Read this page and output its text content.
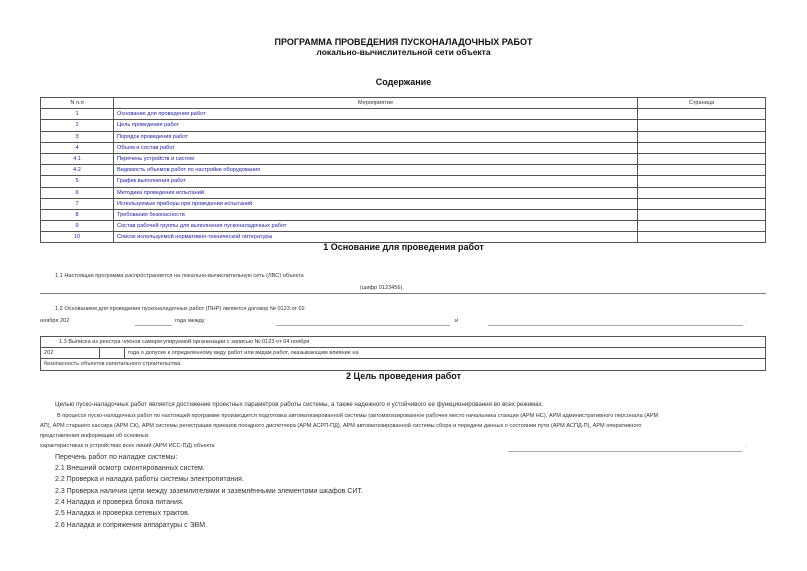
ПРОГРАММА ПРОВЕДЕНИЯ ПУСКОНАЛАДОЧНЫХ РАБОТ
локально-вычислительной сети объекта
Содержание
N п.п	Мероприятие	Страница
1	Основание для проведения работ	
2	Цель проведения работ	
3	Порядок проведения работ	
4	Объем и состав работ	
4.1	Перечень устройств и систем	
4.2	Ведомость объемов работ по настройке оборудования	
5	График выполнения работ	
6	Методика проведения испытаний	
7	Используемые приборы при проведении испытаний	
8	Требования безопасности	
9	Состав рабочей группы для выполнения пусконаладочных работ	
10	Список используемой нормативно-технической литературы	
1 Основание для проведения работ
1.1 Настоящая программа распространяется на локально-вычислительную сеть (ЛВС) объекта
(шифр 0123456).
1.2 Основанием для проведения пусконаладочных работ (ПНР) является договор № 0123 от 02
ноября 202	года между	и	.
1.3 Выписка из реестра членов саморегулируемой организации с записью № 0123 от 04 ноября
202		года о допуске к определенному виду работ или видам работ, оказывающим влияние на
безопасность объектов капитального строительства.
2 Цель проведения работ
Целью пуско-наладочных работ является достижение проектных параметров работы системы, а также надежного и устойчивого ее функционирования во всех режимах.
В процессе пуско-наладочных работ по настоящей программе производится подготовка автоматизированной системы (автоматизированное рабочее место начальника станции (АРМ НС), АРМ административного персонала (АРМ
АП), АРМ старшего кассира (АРМ СК), АРМ системы регистрации приказов поездного диспетчера (АРМ АСРП-ПД), АРМ автоматизированной системы сбора и передачи данных о состоянии пути (АРМ АСПД-П), АРМ оперативного
представления информации об основных
характеристиках и устройствах всех линий (АРМ ИСС-ПД) объекта	.
Перечень работ по наладке системы:
2.1 Внешний осмотр смонтированных систем.
2.2 Проверка и наладка работы системы электропитания.
2.3 Проверка наличия цепи между заземлителями и заземлёнными элементами шкафов СИТ.
2.4 Наладка и проверка блока питания.
2.5 Наладка и проверка сетевых трактов.
2.6 Наладка и сопряжения аппаратуры с ЭВМ.
